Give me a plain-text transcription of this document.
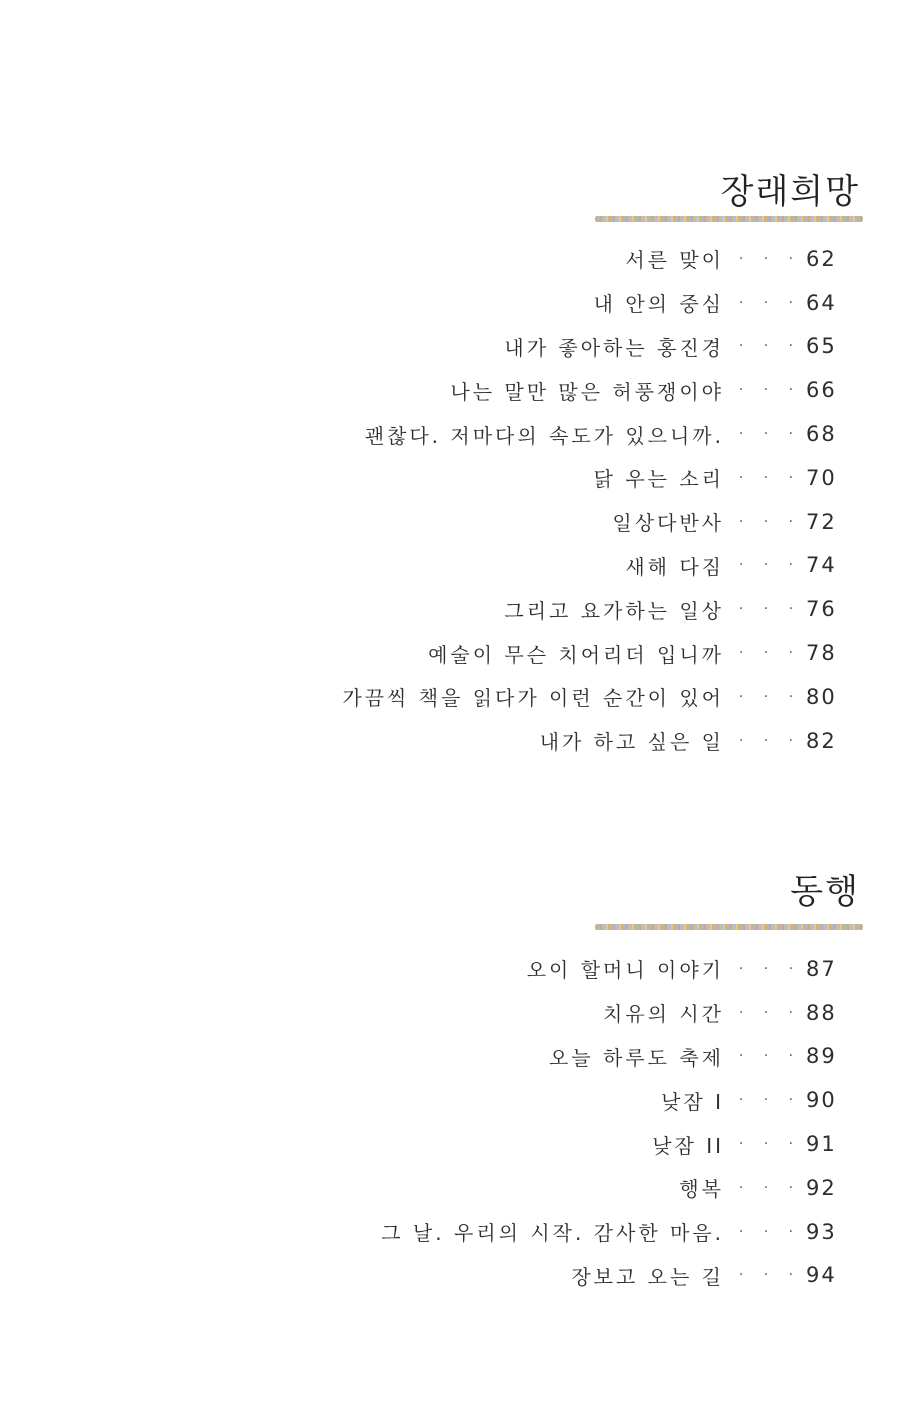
장래희망
서른 맞이	· · · 62
내 안의 중심	· · · 64
내가 좋아하는 홍진경	· · · 65
나는 말만 많은 허풍쟁이야	· · · 66
괜찮다. 저마다의 속도가 있으니까.	· · · 68
닭 우는 소리	· · · 70
일상다반사	· · · 72
새해 다짐	· · · 74
그리고 요가하는 일상	· · · 76
예술이 무슨 치어리더 입니까	· · · 78
가끔씩 책을 읽다가 이런 순간이 있어	· · · 80
내가 하고 싶은 일	· · · 82
동행
오이 할머니 이야기	· · · 87
치유의 시간	· · · 88
오늘 하루도 축제	· · · 89
낮잠 I	· · · 90
낮잠 II	· · · 91
행복	· · · 92
그 날. 우리의 시작. 감사한 마음.	· · · 93
장보고 오는 길	· · · 94
